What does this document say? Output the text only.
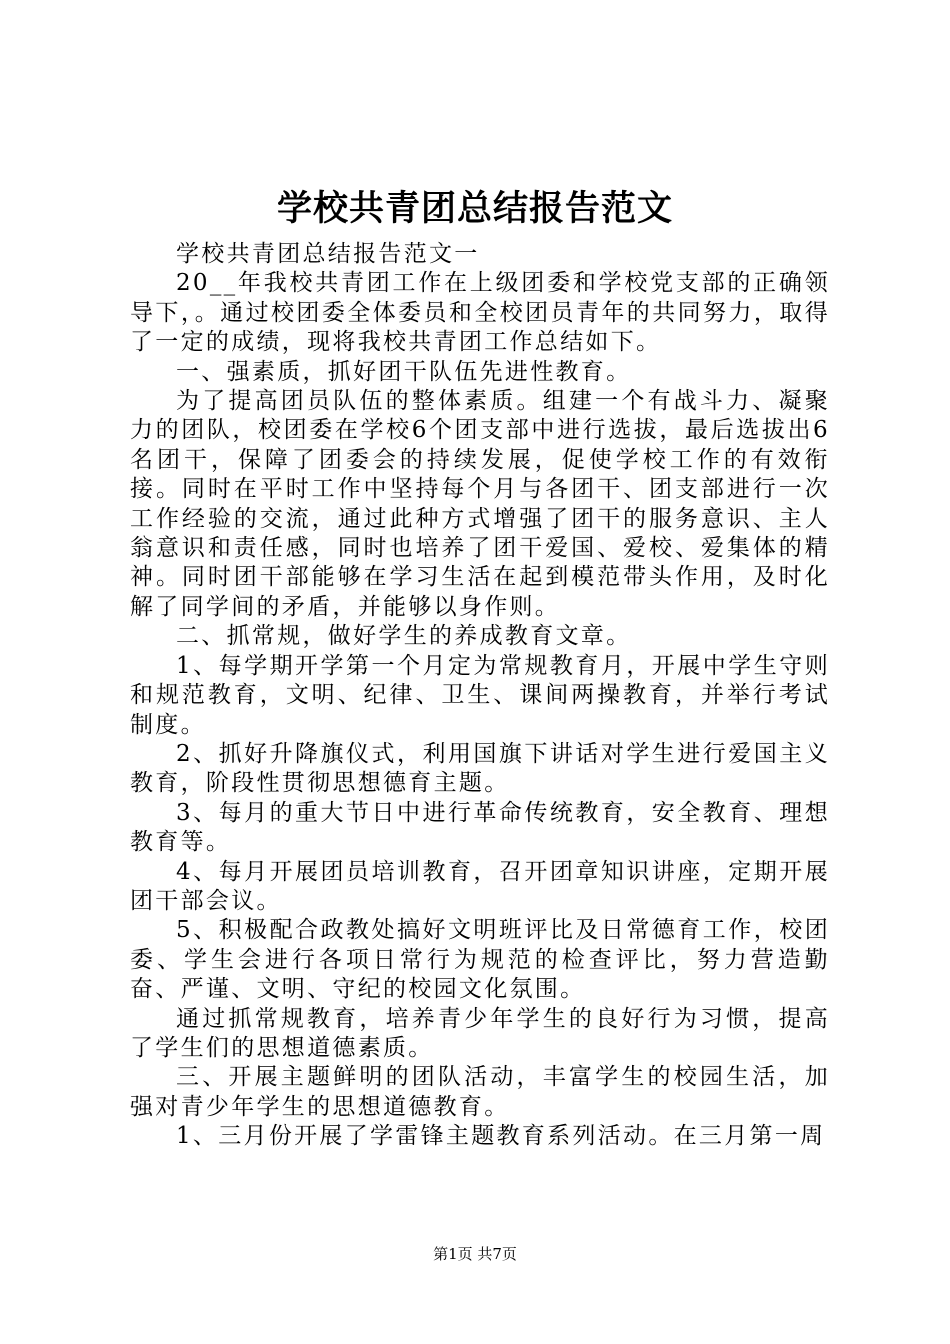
学校共青团总结报告范文

学校共青团总结报告范文一

20__年我校共青团工作在上级团委和学校党支部的正确领导下，。通过校团委全体委员和全校团员青年的共同努力，取得了一定的成绩，现将我校共青团工作总结如下。

一、强素质，抓好团干队伍先进性教育。

为了提高团员队伍的整体素质。组建一个有战斗力、凝聚力的团队，校团委在学校6个团支部中进行选拔，最后选拔出6名团干，保障了团委会的持续发展，促使学校工作的有效衔接。同时在平时工作中坚持每个月与各团干、团支部进行一次工作经验的交流，通过此种方式增强了团干的服务意识、主人翁意识和责任感，同时也培养了团干爱国、爱校、爱集体的精神。同时团干部能够在学习生活在起到模范带头作用，及时化解了同学间的矛盾，并能够以身作则。

二、抓常规，做好学生的养成教育文章。

1、每学期开学第一个月定为常规教育月，开展中学生守则和规范教育，文明、纪律、卫生、课间两操教育，并举行考试制度。

2、抓好升降旗仪式，利用国旗下讲话对学生进行爱国主义教育，阶段性贯彻思想德育主题。

3、每月的重大节日中进行革命传统教育，安全教育、理想教育等。

4、每月开展团员培训教育，召开团章知识讲座，定期开展团干部会议。

5、积极配合政教处搞好文明班评比及日常德育工作，校团委、学生会进行各项日常行为规范的检查评比，努力营造勤奋、严谨、文明、守纪的校园文化氛围。

通过抓常规教育，培养青少年学生的良好行为习惯，提高了学生们的思想道德素质。

三、开展主题鲜明的团队活动，丰富学生的校园生活，加强对青少年学生的思想道德教育。

1、三月份开展了学雷锋主题教育系列活动。在三月第一周

第1页 共7页
